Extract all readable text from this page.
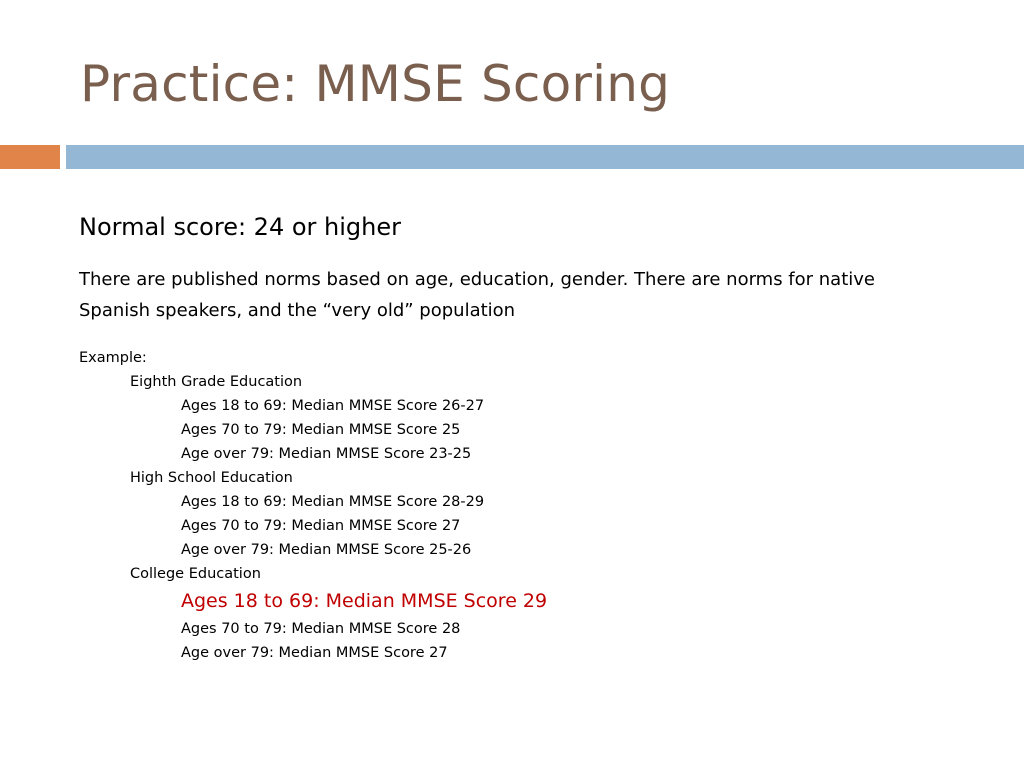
Practice: MMSE Scoring

Normal score: 24 or higher

There are published norms based on age, education, gender. There are norms for native Spanish speakers, and the “very old” population

Example:
Eighth Grade Education
Ages 18 to 69: Median MMSE Score 26-27
Ages 70 to 79: Median MMSE Score 25
Age over 79: Median MMSE Score 23-25
High School Education
Ages 18 to 69: Median MMSE Score 28-29
Ages 70 to 79: Median MMSE Score 27
Age over 79: Median MMSE Score 25-26
College Education
Ages 18 to 69: Median MMSE Score 29
Ages 70 to 79: Median MMSE Score 28
Age over 79: Median MMSE Score 27
